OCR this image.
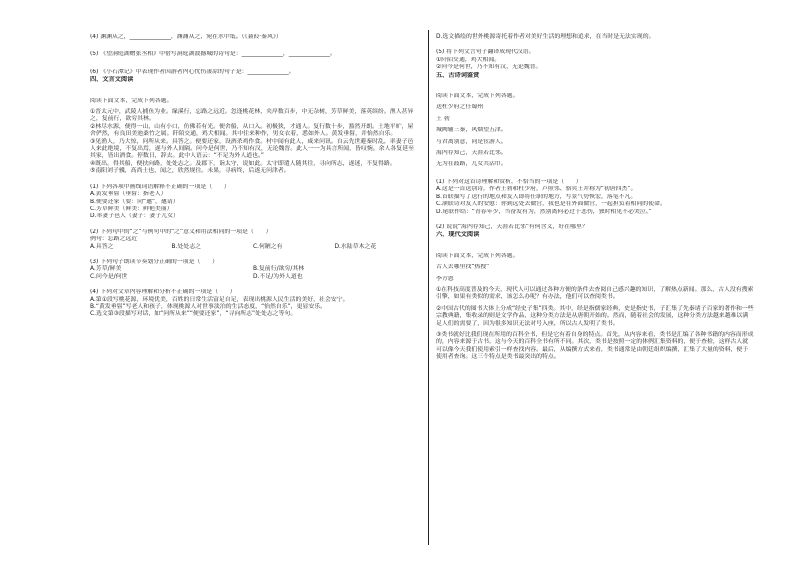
(4) 渊渊从之，______________，渊渊从之，宛在水中坻。（《蒹葭·秦风》）
(5) 《望洞庭湖赠张丞相》中借写洞庭湖波撼城的诗句是：______________，______________。
(6) 《小石潭记》中表现作者因游者内心忧伤凄凉的句子是：______________。
四、文言文阅读
阅读下面文本，完成下列各题。
①晋太元中，武陵人捕鱼为业。缘溪行，忘路之远近。忽逢桃花林，夹岸数百步，中无杂树，芳草鲜美，落英缤纷。渔人甚异之，复前行，欲穷其林。
②林尽水源，便得一山，山有小口，仿佛若有光。便舍船，从口入。初极狭，才通人。复行数十步，豁然开朗。土地平旷，屋舍俨然，有良田美池桑竹之属。阡陌交通，鸡犬相闻。其中往来种作，男女衣着，悉如外人。黄发垂髫，并怡然自乐。
③见渔人，乃大惊，问所从来。具答之。便要还家，设酒杀鸡作食。村中闻有此人，咸来问讯。自云先世避秦时乱，率妻子邑人来此绝境，不复出焉，遂与外人间隔。问今是何世，乃不知有汉，无论魏晋。此人一一为具言所闻，皆叹惋。余人各复延至其家，皆出酒食。停数日，辞去。此中人语云：“不足为外人道也。”
④既出，得其船，便扶向路，处处志之。及郡下，诣太守，说如此。太守即遣人随其往，寻向所志，遂迷，不复得路。
⑤南阳刘子骥，高尚士也，闻之，欣然规往。未果，寻病终，后遂无问津者。
(1) 下列各项中画线词语解释不正确的一项是（　　）
A.黄发垂髫（垂髫：指老人）
B.便要还家（要：同“邀”，邀请）
C.芳草鲜美（鲜美：鲜艳美丽）
D.率妻子邑人（妻子：妻子儿女）
(2) 下列句中的“之”与例句中的“之”意义和用法相同的一项是（　　）
例句：忘路之远近
A.具答之	B.处处志之	C.何陋之有	D.水陆草木之花
(3) 下列句子朗读节奏划分正确的一项是（　　）
A.芳草/鲜美	B.复前行/欲穷/其林
C.问今是/何世	D.不足/为外人道也
(4) 下列对文章内容理解和分析不正确的一项是（　　）
A.第①段写桃花源，环境优美，百姓的日常生活富足自足，表现出桃源人民生活的美好，社会安宁。
B.“黄发垂髫”写老人和孩子，体现桃源人对世事淡泊的生活态度，“怡然自乐”，更显安乐。
C.选文第③段描写对话，如“问所从来”“便要还家”，“寻向所志”处处志之等句。
D.选文描绘的世外桃源寄托着作者对美好生活的理想和追求，在当时是无法实现的。
(5) 将下列文言句子翻译成现代汉语。
①阡陌交通，鸡犬相闻。
②问今是何世，乃不知有汉，无论魏晋。
五、古诗词鉴赏
阅读下面文本，完成下列各题。
送杜少府之任蜀州
王 勃
城阙辅三秦，风烟望五津。
与君离别意，同是宦游人。
海内存知己，天涯若比邻。
无为在歧路，儿女共沾巾。
(1) 下列对这首诗理解和赏析，不恰当的一项是（　　）
A.这是一首送别诗，作者王勃和杜少府，卢照邻、骆宾王并称为“初唐四杰”。
B.首联描写了送行的地点和友人即将任职的地方，写景气势恢宏，落笔不凡。
C.颔联诗对友人的安慰：你到远处去做官，我也是在外面做官，一起担负着相同的使命。
D.尾联作结：“青春年少，当奋发有为，然别离何必过于悲伤，独时相见不必哭泣。”
(2) 说说“海内存知己，天涯若比邻”有何含义，好在哪里？
六、现代文阅读
阅读下面文本，完成下列各题。
古人去哪里找“热搜”
李方恩
①在科技高度普及的今天，现代人可以通过各种方便的条件去查阅自己感兴趣的知识，了解热点新闻。那么，古人没有搜索引擎，如果有类似的需求，该怎么办呢？有办法，他们可以查阅类书。
②中国古代的图书大体上分成“经史子集”四类。其中，经是指儒家经典，史是指史书，子汇集了先秦诸子百家的著作和一些宗教典籍，集收录的则是文学作品，这种分类方法是从唐朝开始的。然而，随着社会的发展，这种分类方法越来越难以满足人们的需要了，因为很多知识无法对号入座，所以古人发明了类书。
③类书就好比我们现在所用的百科全书，但是它有着自身的特点。首先，从内容来看，类书是汇编了各种书籍的内容而形成的，内容来源于古书，这与今天的百科全书有所不同。其次，类书是按照一定的体例汇集资料的，便于查检，这样古人就可以像今天我们使用索引一样查找内容。最后，从编撰方式来看，类书通常是由朝廷组织编撰，汇集了大量的资料，便于使用者查询。这三个特点是类书最突出的特点。
